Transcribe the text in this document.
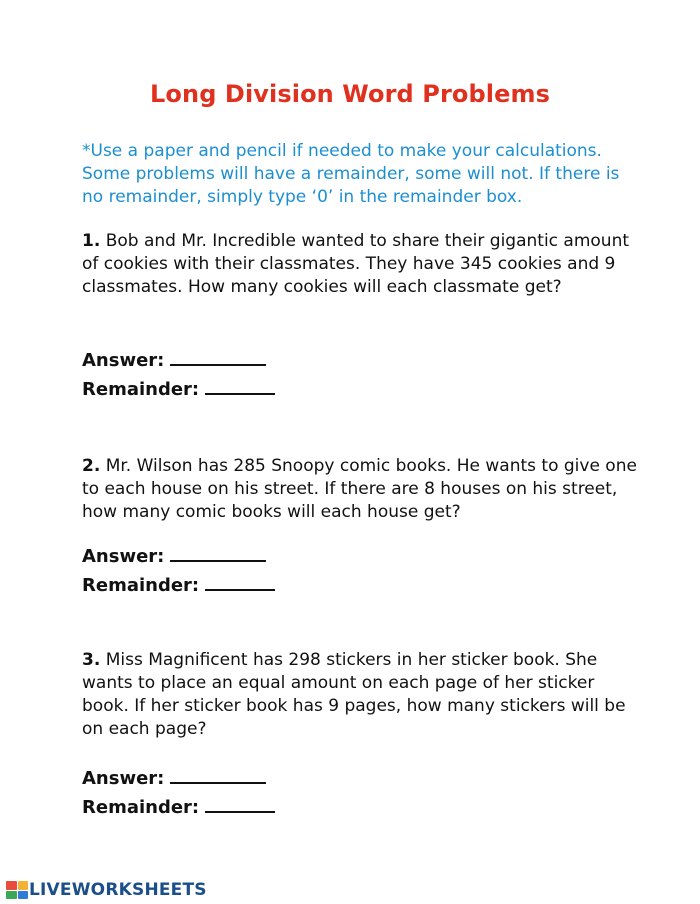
Long Division Word Problems

*Use a paper and pencil if needed to make your calculations. Some problems will have a remainder, some will not. If there is no remainder, simply type ‘0’ in the remainder box.

1. Bob and Mr. Incredible wanted to share their gigantic amount of cookies with their classmates. They have 345 cookies and 9 classmates. How many cookies will each classmate get?

Answer:
Remainder:

2. Mr. Wilson has 285 Snoopy comic books. He wants to give one to each house on his street. If there are 8 houses on his street, how many comic books will each house get?

Answer:
Remainder:

3. Miss Magnificent has 298 stickers in her sticker book. She wants to place an equal amount on each page of her sticker book. If her sticker book has 9 pages, how many stickers will be on each page?

Answer:
Remainder:
LIVEWORKSHEETS
